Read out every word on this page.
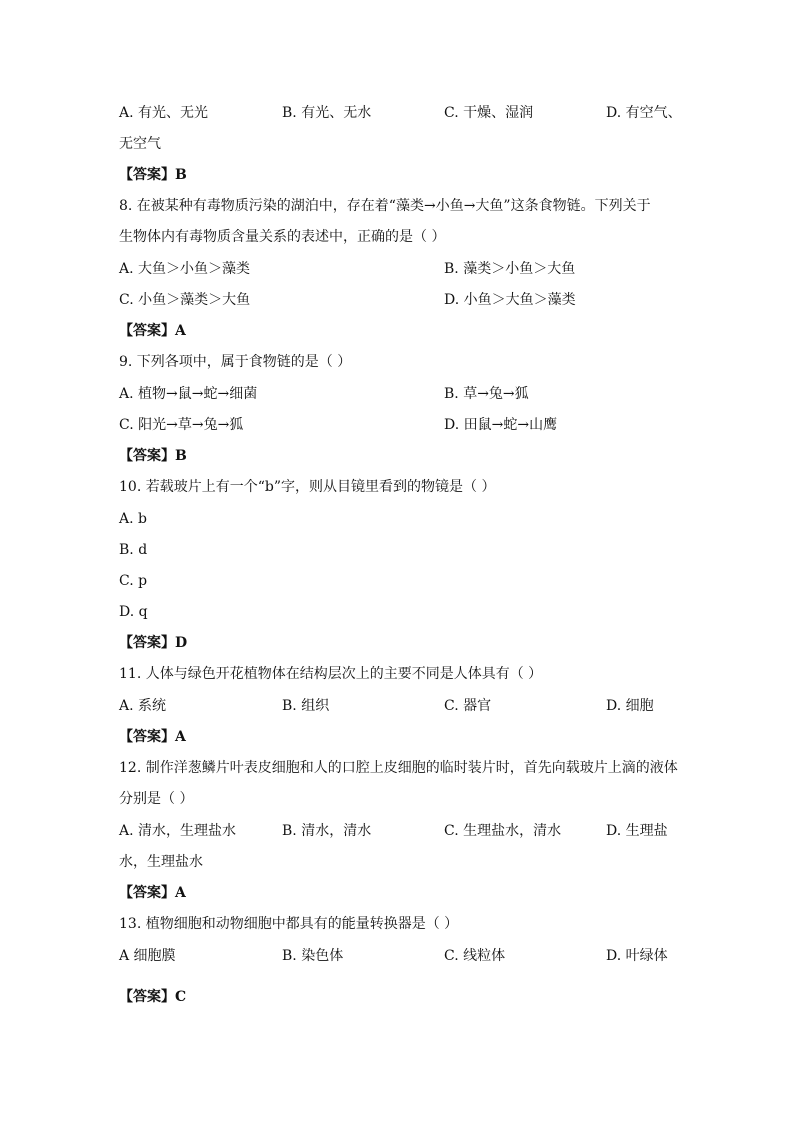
A. 有光、无光	B. 有光、无水	C. 干燥、湿润	D. 有空气、
无空气
【答案】B
8. 在被某种有毒物质污染的湖泊中，存在着“藻类→小鱼→大鱼”这条食物链。下列关于
生物体内有毒物质含量关系的表述中，正确的是（ ）
A. 大鱼＞小鱼＞藻类	B. 藻类＞小鱼＞大鱼
C. 小鱼＞藻类＞大鱼	D. 小鱼＞大鱼＞藻类
【答案】A
9. 下列各项中，属于食物链的是（ ）
A. 植物→鼠→蛇→细菌	B. 草→兔→狐
C. 阳光→草→兔→狐	D. 田鼠→蛇→山鹰
【答案】B
10. 若载玻片上有一个“b”字，则从目镜里看到的物镜是（ ）
A. b
B. d
C. p
D. q
【答案】D
11. 人体与绿色开花植物体在结构层次上的主要不同是人体具有（ ）
A. 系统	B. 组织	C. 器官	D. 细胞
【答案】A
12. 制作洋葱鳞片叶表皮细胞和人的口腔上皮细胞的临时装片时，首先向载玻片上滴的液体
分别是（ ）
A. 清水，生理盐水	B. 清水，清水	C. 生理盐水，清水	D. 生理盐
水，生理盐水
【答案】A
13. 植物细胞和动物细胞中都具有的能量转换器是（ ）
A 细胞膜	B. 染色体	C. 线粒体	D. 叶绿体
【答案】C
